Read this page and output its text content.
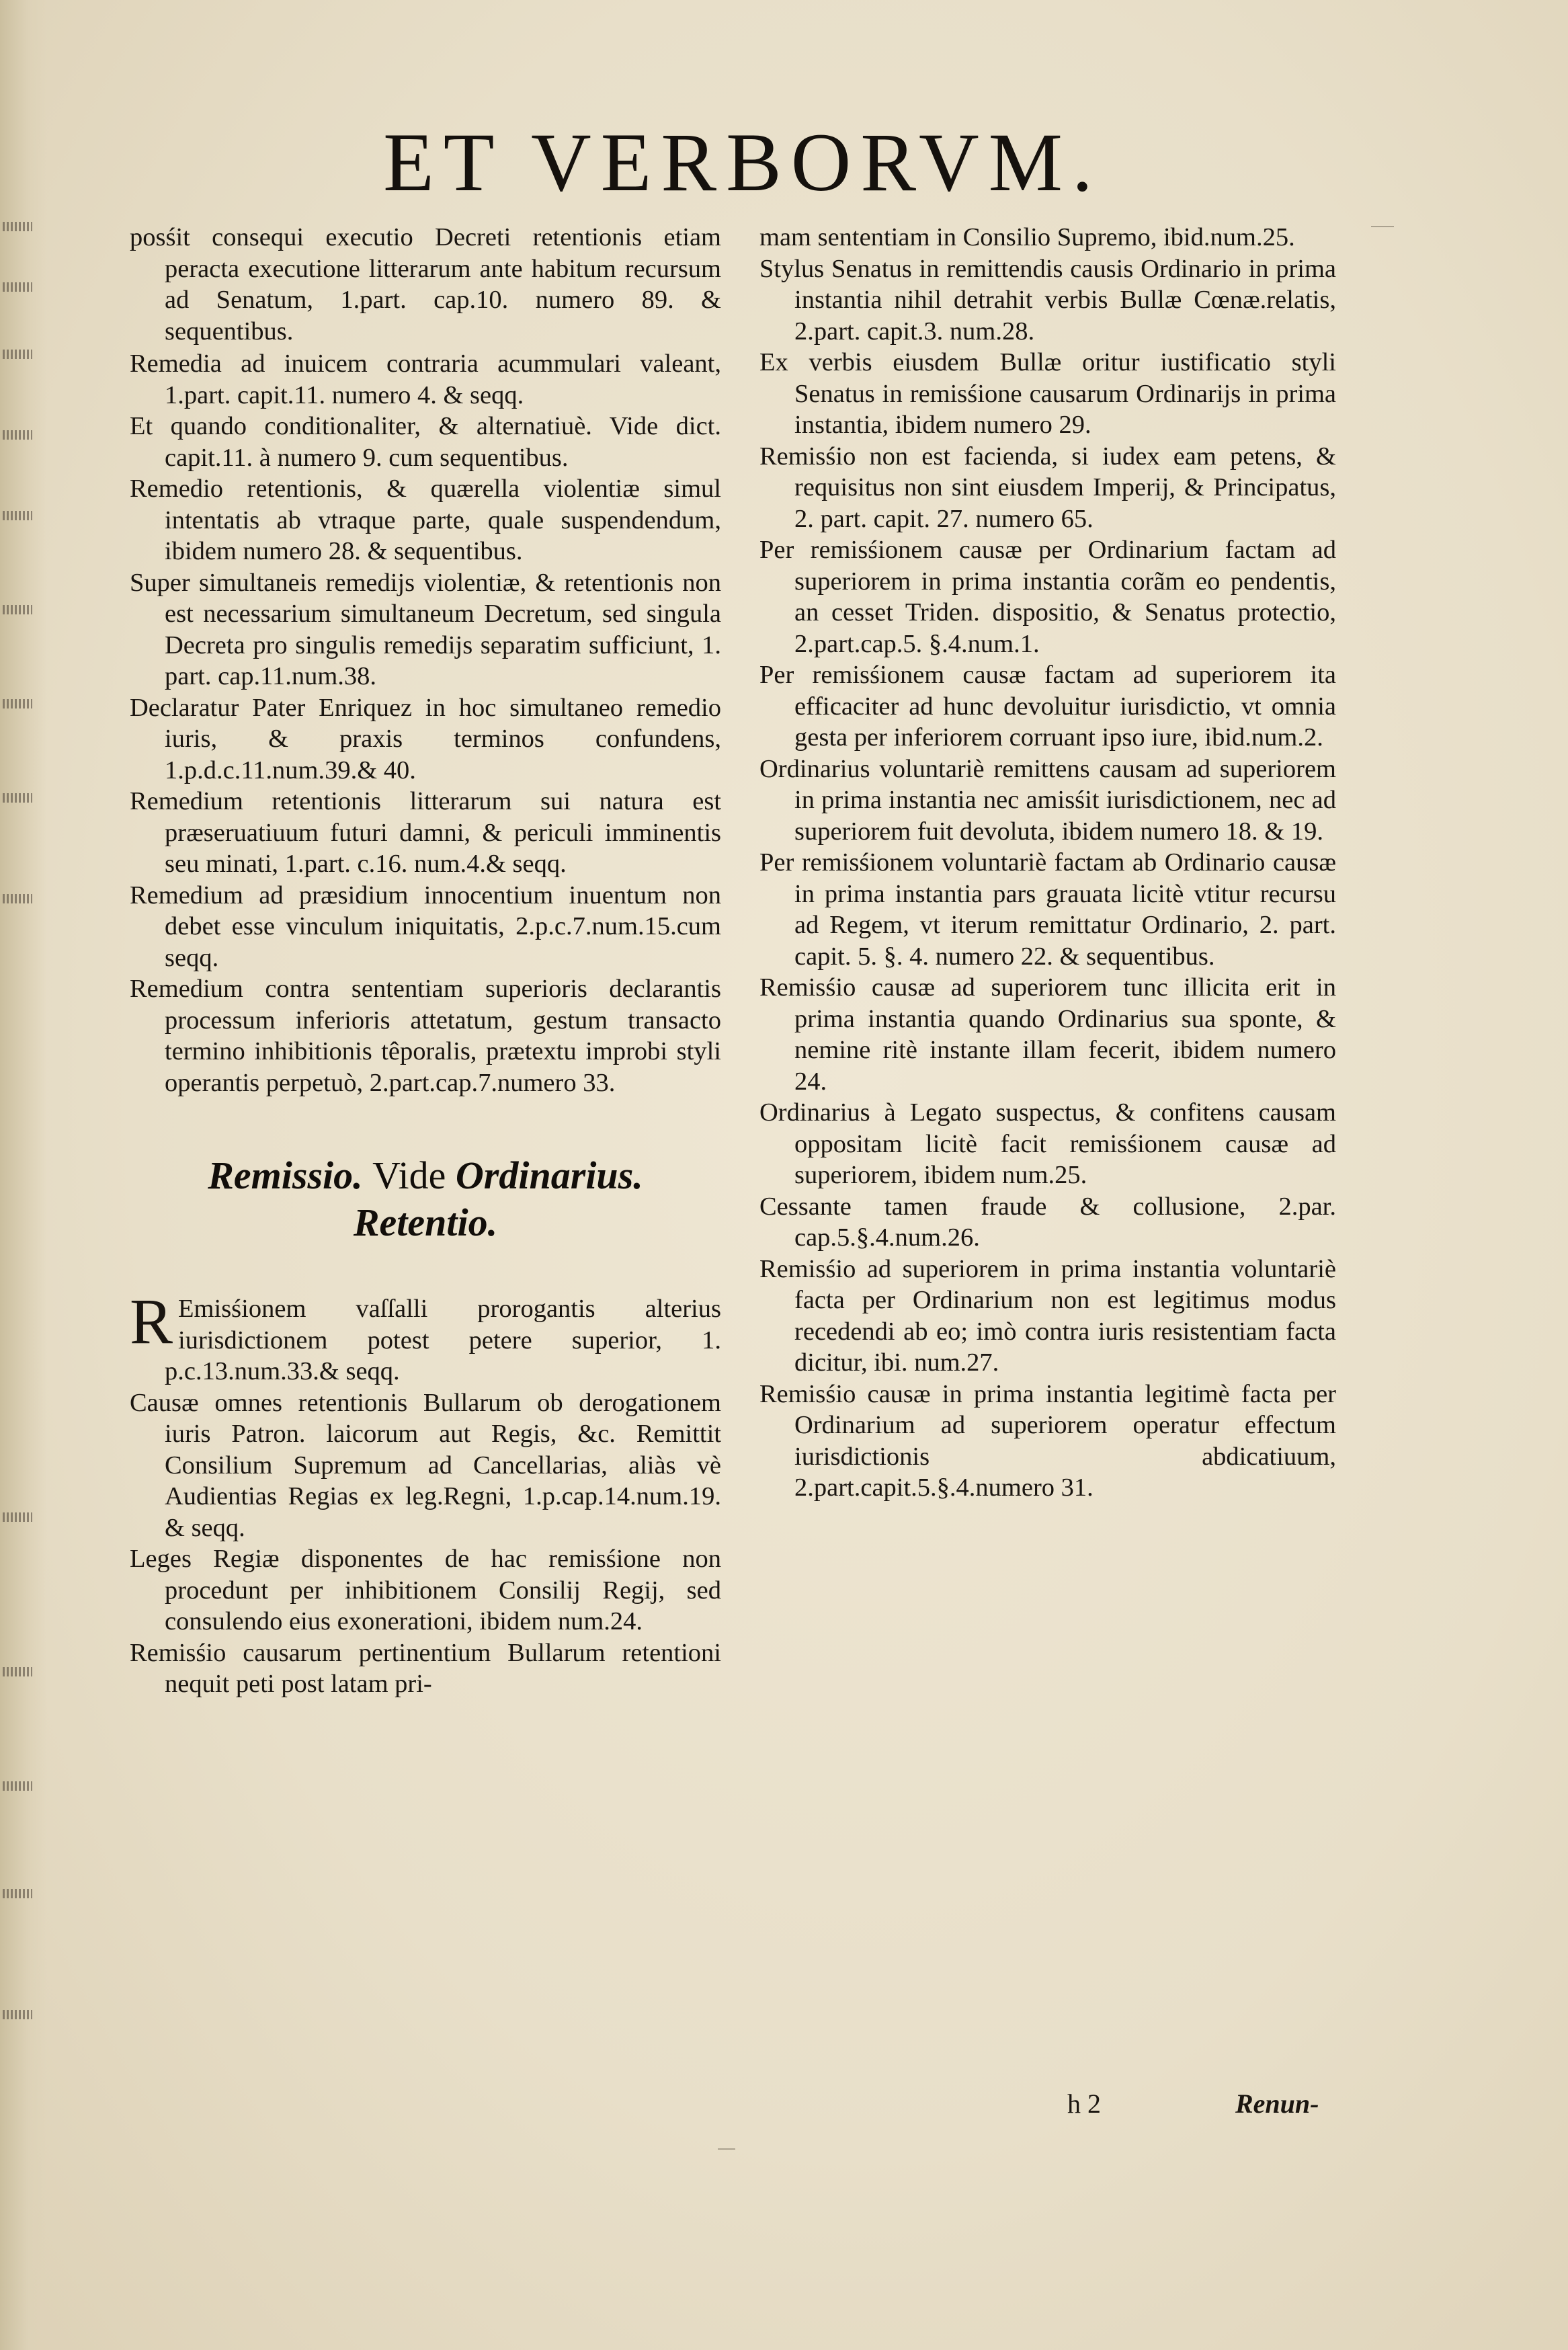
ET VERBORVM.

posśit consequi executio Decreti retentionis etiam peracta executione litterarum ante habitum recursum ad Senatum, 1.part. cap.10. numero 89. & sequentibus.

Remedia ad inuicem contraria acummulari valeant, 1.part. capit.11. numero 4. & seqq.

Et quando conditionaliter, & alternatiuè. Vide dict. capit.11. à numero 9. cum sequentibus.

Remedio retentionis, & quærella violentiæ simul intentatis ab vtraque parte, quale suspendendum, ibidem numero 28. & sequentibus.

Super simultaneis remedijs violentiæ, & retentionis non est necessarium simultaneum Decretum, sed singula Decreta pro singulis remedijs separatim sufficiunt, 1. part. cap.11.num.38.

Declaratur Pater Enriquez in hoc simultaneo remedio iuris, & praxis terminos confundens, 1.p.d.c.11.num.39.& 40.

Remedium retentionis litterarum sui natura est præseruatiuum futuri damni, & periculi imminentis seu minati, 1.part. c.16. num.4.& seqq.

Remedium ad præsidium innocentium inuentum non debet esse vinculum iniquitatis, 2.p.c.7.num.15.cum seqq.

Remedium contra sententiam superioris declarantis processum inferioris attetatum, gestum transacto termino inhibitionis têporalis, prætextu improbi styli operantis perpetuò, 2.part.cap.7.numero 33.

Remissio. Vide Ordinarius.
Retentio.

R Emisśionem vaſſalli prorogantis alterius iurisdictionem potest petere superior, 1. p.c.13.num.33.& seqq.

Causæ omnes retentionis Bullarum ob derogationem iuris Patron. laicorum aut Regis, &c. Remittit Consilium Supremum ad Cancellarias, aliàs vè Audientias Regias ex leg.Regni, 1.p.cap.14.num.19. & seqq.

Leges Regiæ disponentes de hac remisśione non procedunt per inhibitionem Consilij Regij, sed consulendo eius exonerationi, ibidem num.24.

Remisśio causarum pertinentium Bullarum retentioni nequit peti post latam pri-

mam sententiam in Consilio Supremo, ibid.num.25.

Stylus Senatus in remittendis causis Ordinario in prima instantia nihil detrahit verbis Bullæ Cœnæ.relatis, 2.part. capit.3. num.28.

Ex verbis eiusdem Bullæ oritur iustificatio styli Senatus in remisśione causarum Ordinarijs in prima instantia, ibidem numero 29.

Remisśio non est facienda, si iudex eam petens, & requisitus non sint eiusdem Imperij, & Principatus, 2. part. capit. 27. numero 65.

Per remisśionem causæ per Ordinarium factam ad superiorem in prima instantia corãm eo pendentis, an cesset Triden. dispositio, & Senatus protectio, 2.part.cap.5. §.4.num.1.

Per remisśionem causæ factam ad superiorem ita efficaciter ad hunc devoluitur iurisdictio, vt omnia gesta per inferiorem corruant ipso iure, ibid.num.2.

Ordinarius voluntariè remittens causam ad superiorem in prima instantia nec amisśit iurisdictionem, nec ad superiorem fuit devoluta, ibidem numero 18. & 19.

Per remisśionem voluntariè factam ab Ordinario causæ in prima instantia pars grauata licitè vtitur recursu ad Regem, vt iterum remittatur Ordinario, 2. part. capit. 5. §. 4. numero 22. & sequentibus.

Remisśio causæ ad superiorem tunc illicita erit in prima instantia quando Ordinarius sua sponte, & nemine ritè instante illam fecerit, ibidem numero 24.

Ordinarius à Legato suspectus, & confitens causam oppositam licitè facit remisśionem causæ ad superiorem, ibidem num.25.

Cessante tamen fraude & collusione, 2.par. cap.5.§.4.num.26.

Remisśio ad superiorem in prima instantia voluntariè facta per Ordinarium non est legitimus modus recedendi ab eo; imò contra iuris resistentiam facta dicitur, ibi. num.27.

Remisśio causæ in prima instantia legitimè facta per Ordinarium ad superiorem operatur effectum iurisdictionis abdicatiuum, 2.part.capit.5.§.4.numero 31.

h 2	Renun-
